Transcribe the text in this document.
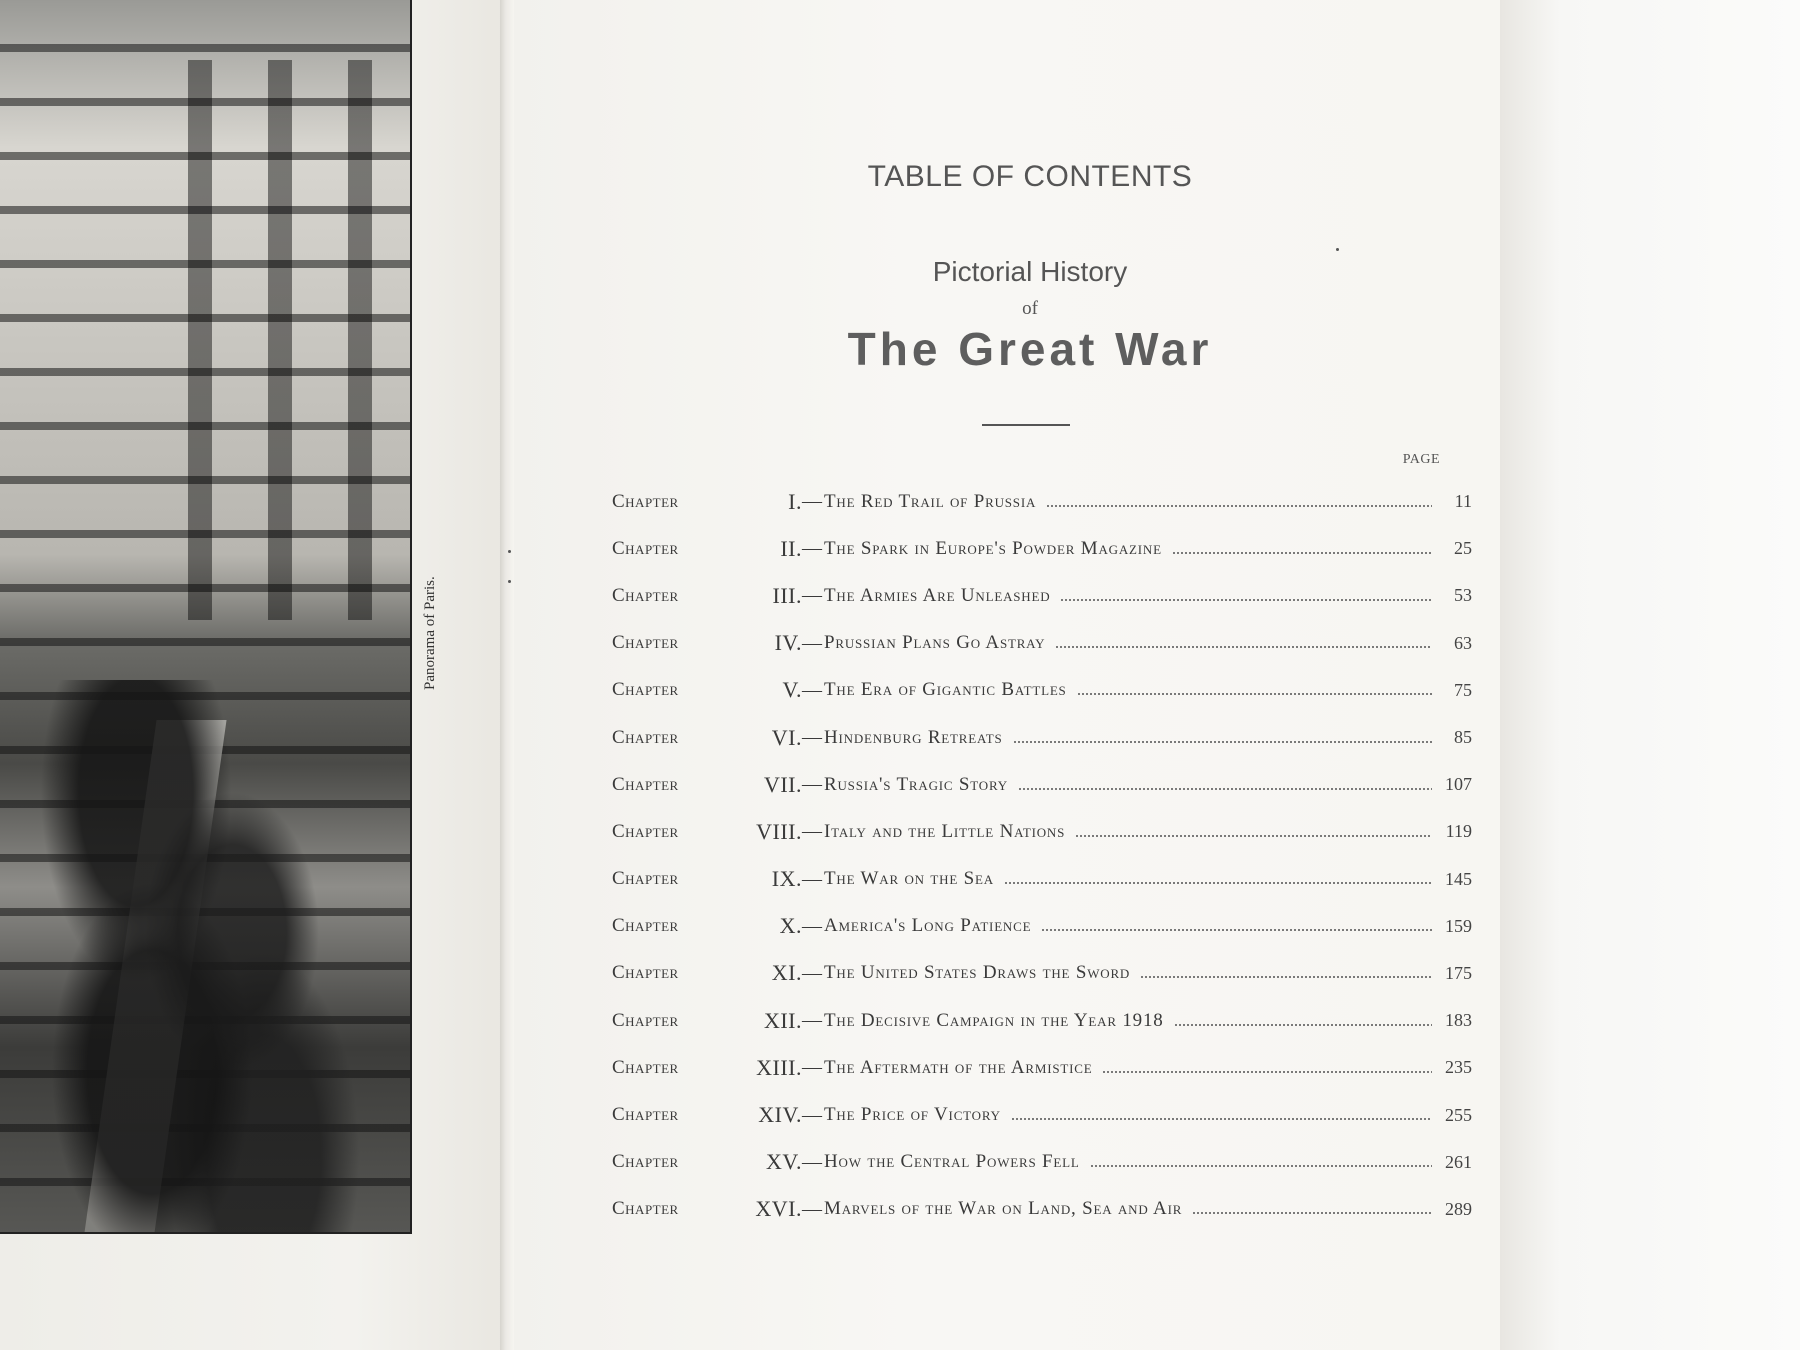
Panorama of Paris.
TABLE OF CONTENTS
Pictorial History
of
The Great War
PAGE
Chapter	I. — The Red Trail of Prussia	11
Chapter	II. — The Spark in Europe's Powder Magazine	25
Chapter	III. — The Armies Are Unleashed	53
Chapter	IV. — Prussian Plans Go Astray	63
Chapter	V. — The Era of Gigantic Battles	75
Chapter	VI. — Hindenburg Retreats	85
Chapter	VII. — Russia's Tragic Story	107
Chapter	VIII. — Italy and the Little Nations	119
Chapter	IX. — The War on the Sea	145
Chapter	X. — America's Long Patience	159
Chapter	XI. — The United States Draws the Sword	175
Chapter	XII. — The Decisive Campaign in the Year 1918	183
Chapter	XIII. — The Aftermath of the Armistice	235
Chapter	XIV. — The Price of Victory	255
Chapter	XV. — How the Central Powers Fell	261
Chapter	XVI. — Marvels of the War on Land, Sea and Air	289
